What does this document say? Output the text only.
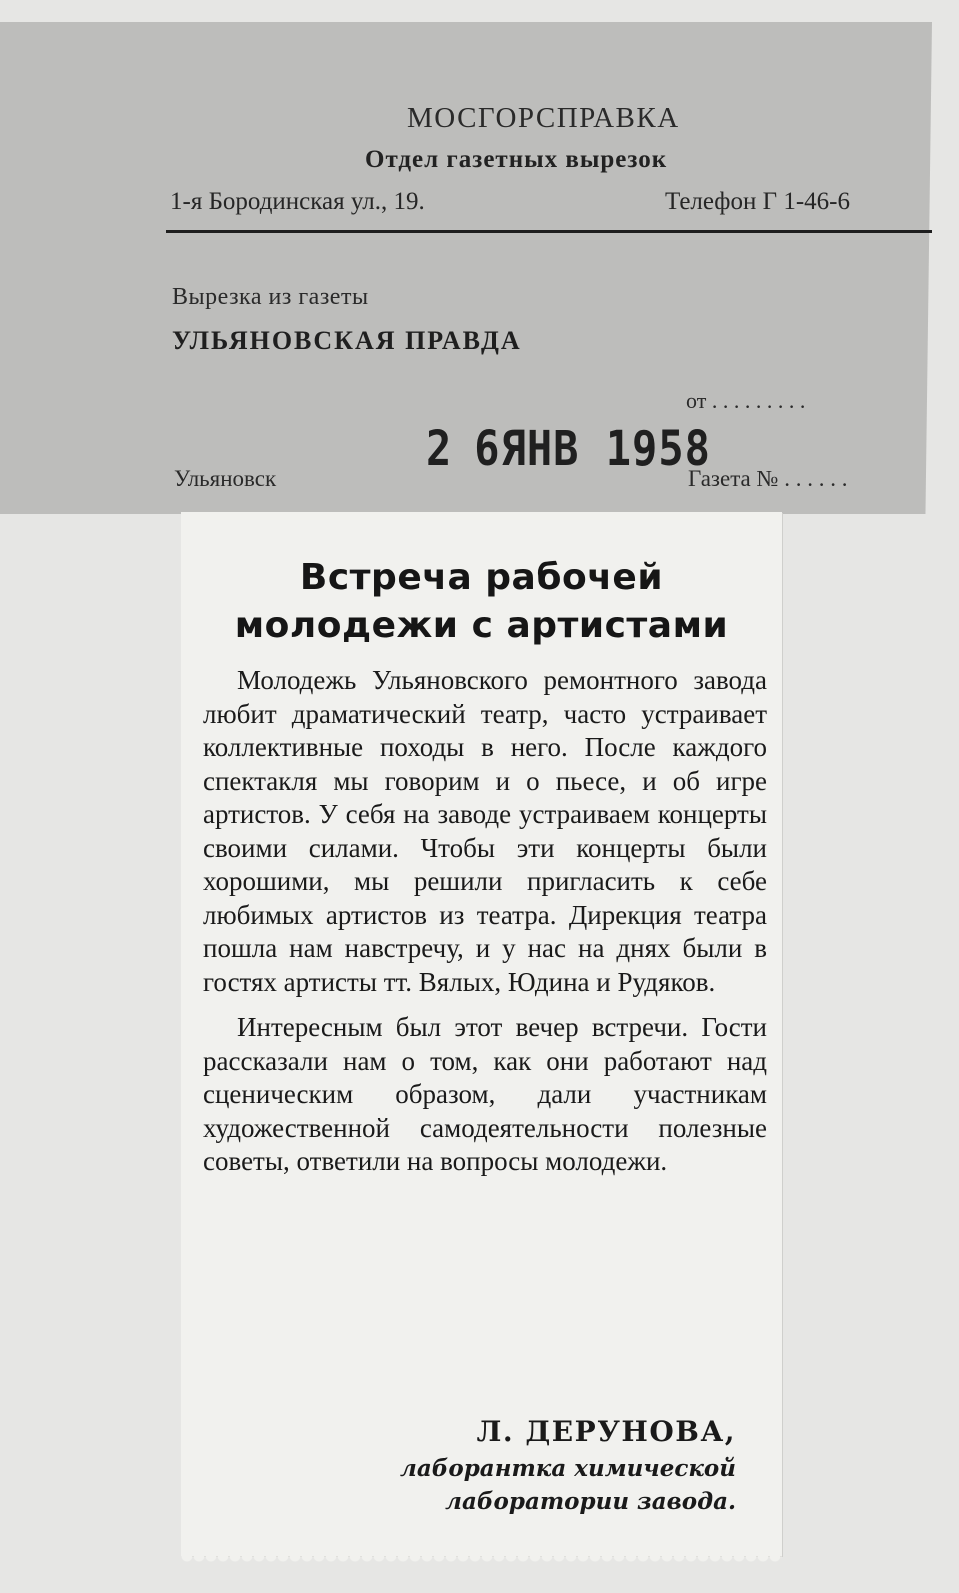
МОСГОРСПРАВКА
Отдел газетных вырезок
1-я Бородинская ул., 19.	Телефон Г 1-46-6
Вырезка из газеты
УЛЬЯНОВСКАЯ ПРАВДА
от . . . . . . . . .
2 6ЯНВ 1958
Ульяновск	Газета № . . . . . .
Встреча рабочей
молодежи с артистами

Молодежь Ульяновского ремонтного завода любит драматический театр, часто устраивает коллективные походы в него. После каждого спектакля мы говорим и о пьесе, и об игре артистов. У себя на заводе устраиваем концерты своими силами. Чтобы эти концерты были хорошими, мы решили пригласить к себе любимых артистов из театра. Дирекция театра пошла нам навстречу, и у нас на днях были в гостях артисты тт. Вялых, Юдина и Рудяков.

Интересным был этот вечер встречи. Гости рассказали нам о том, как они работают над сценическим образом, дали участникам художественной самодеятельности полезные советы, ответили на вопросы молодежи.

Л. ДЕРУНОВА,
лаборантка химической
лаборатории завода.
